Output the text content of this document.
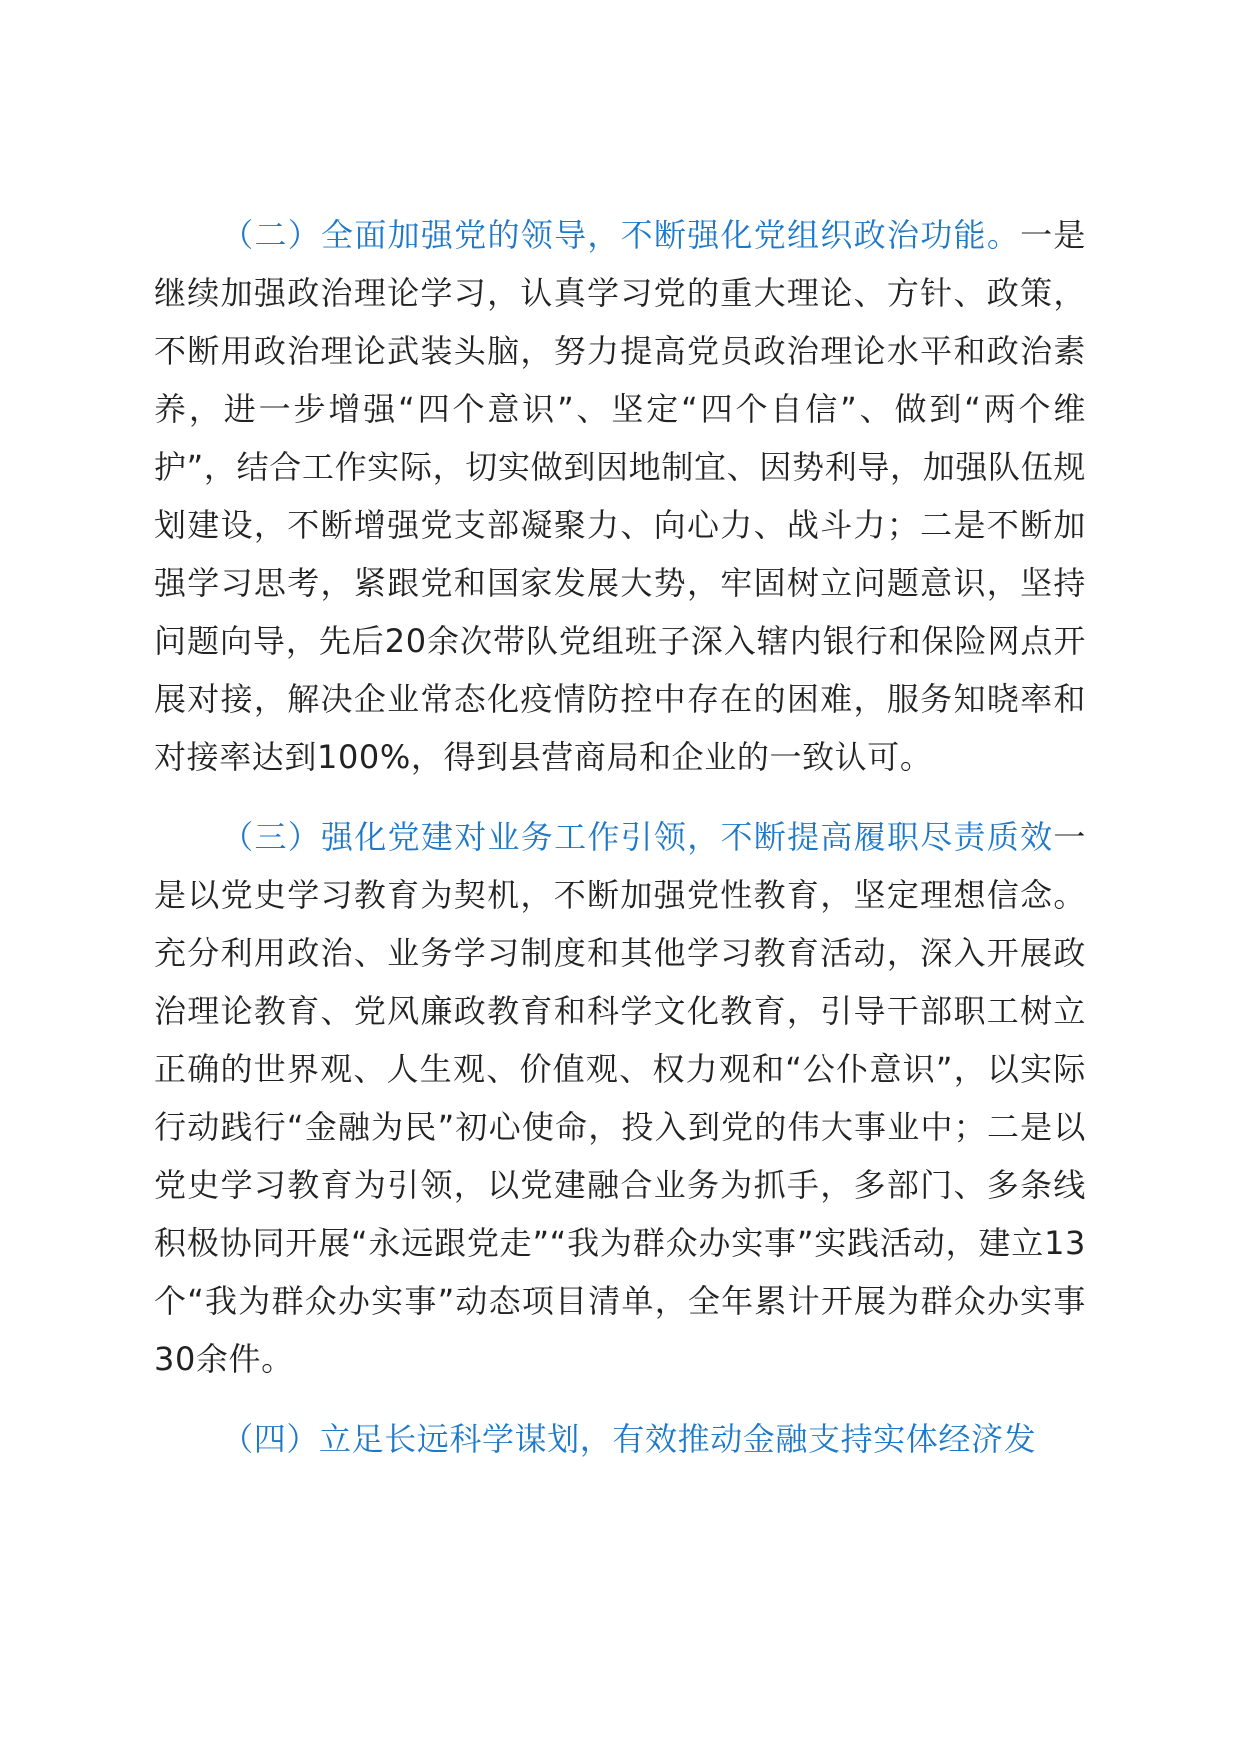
（二）全面加强党的领导，不断强化党组织政治功能。一是继续加强政治理论学习，认真学习党的重大理论、方针、政策，不断用政治理论武装头脑，努力提高党员政治理论水平和政治素养，进一步增强“四个意识”、坚定“四个自信”、做到“两个维护”，结合工作实际，切实做到因地制宜、因势利导，加强队伍规划建设，不断增强党支部凝聚力、向心力、战斗力；二是不断加强学习思考，紧跟党和国家发展大势，牢固树立问题意识，坚持问题向导，先后20余次带队党组班子深入辖内银行和保险网点开展对接，解决企业常态化疫情防控中存在的困难，服务知晓率和对接率达到100%，得到县营商局和企业的一致认可。

（三）强化党建对业务工作引领，不断提高履职尽责质效一是以党史学习教育为契机，不断加强党性教育，坚定理想信念。充分利用政治、业务学习制度和其他学习教育活动，深入开展政治理论教育、党风廉政教育和科学文化教育，引导干部职工树立正确的世界观、人生观、价值观、权力观和“公仆意识”，以实际行动践行“金融为民”初心使命，投入到党的伟大事业中；二是以党史学习教育为引领，以党建融合业务为抓手，多部门、多条线积极协同开展“永远跟党走”“我为群众办实事”实践活动，建立13个“我为群众办实事”动态项目清单，全年累计开展为群众办实事30余件。

（四）立足长远科学谋划，有效推动金融支持实体经济发
